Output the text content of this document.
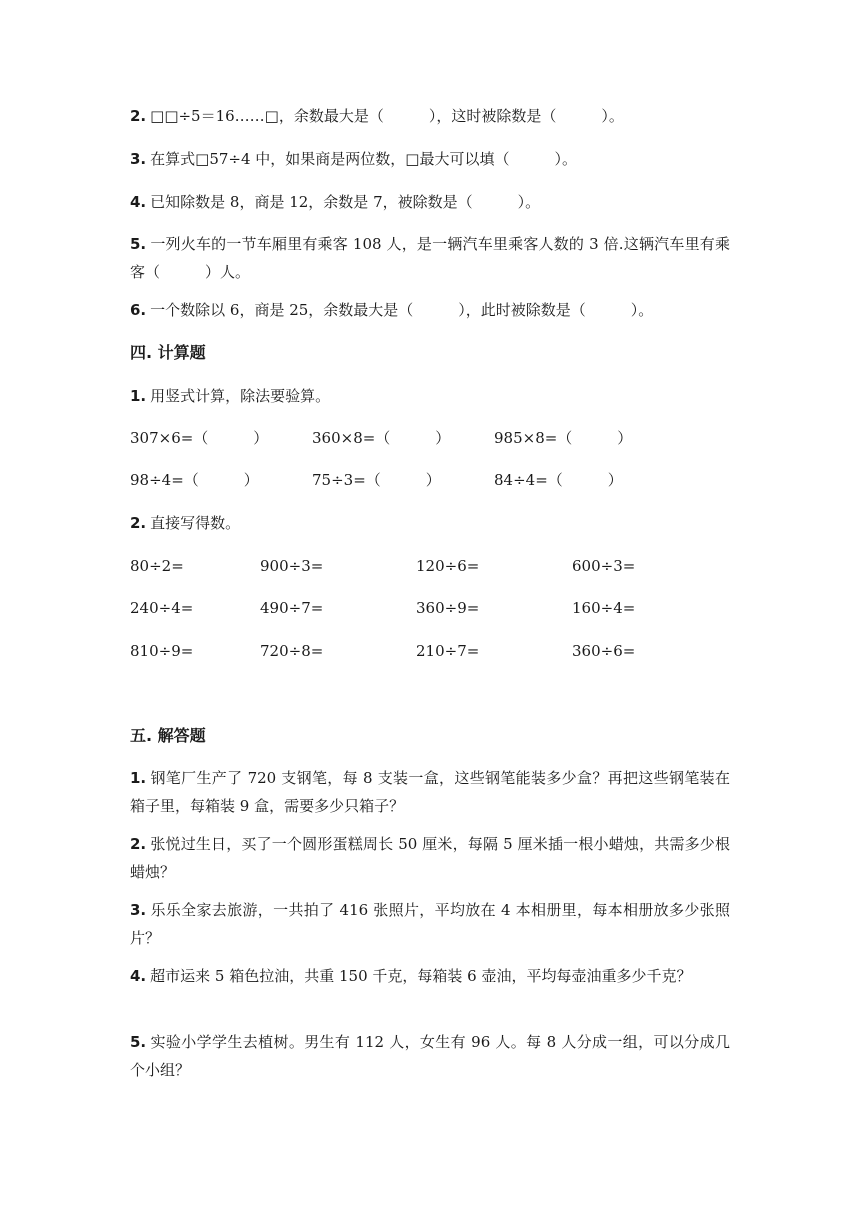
2. □□÷5＝16……□，余数最大是（　　　），这时被除数是（　　　）。
3. 在算式□57÷4 中，如果商是两位数，□最大可以填（　　　）。
4. 已知除数是 8，商是 12，余数是 7，被除数是（　　　）。
5. 一列火车的一节车厢里有乘客 108 人，是一辆汽车里乘客人数的 3 倍.这辆汽车里有乘客（　　　）人。
6. 一个数除以 6，商是 25，余数最大是（　　　），此时被除数是（　　　）。
四. 计算题
1. 用竖式计算，除法要验算。
307×6=（　　　）	360×8=（　　　）	985×8=（　　　）
98÷4=（　　　）	75÷3=（　　　）	84÷4=（　　　）
2. 直接写得数。
80÷2=	900÷3=	120÷6=	600÷3=
240÷4=	490÷7=	360÷9=	160÷4=
810÷9=	720÷8=	210÷7=	360÷6=
五. 解答题
1. 钢笔厂生产了 720 支钢笔，每 8 支装一盒，这些钢笔能装多少盒？再把这些钢笔装在箱子里，每箱装 9 盒，需要多少只箱子？
2. 张悦过生日，买了一个圆形蛋糕周长 50 厘米，每隔 5 厘米插一根小蜡烛，共需多少根蜡烛？
3. 乐乐全家去旅游，一共拍了 416 张照片，平均放在 4 本相册里，每本相册放多少张照片？
4. 超市运来 5 箱色拉油，共重 150 千克，每箱装 6 壶油，平均每壶油重多少千克？
5. 实验小学学生去植树。男生有 112 人，女生有 96 人。每 8 人分成一组，可以分成几个小组？
